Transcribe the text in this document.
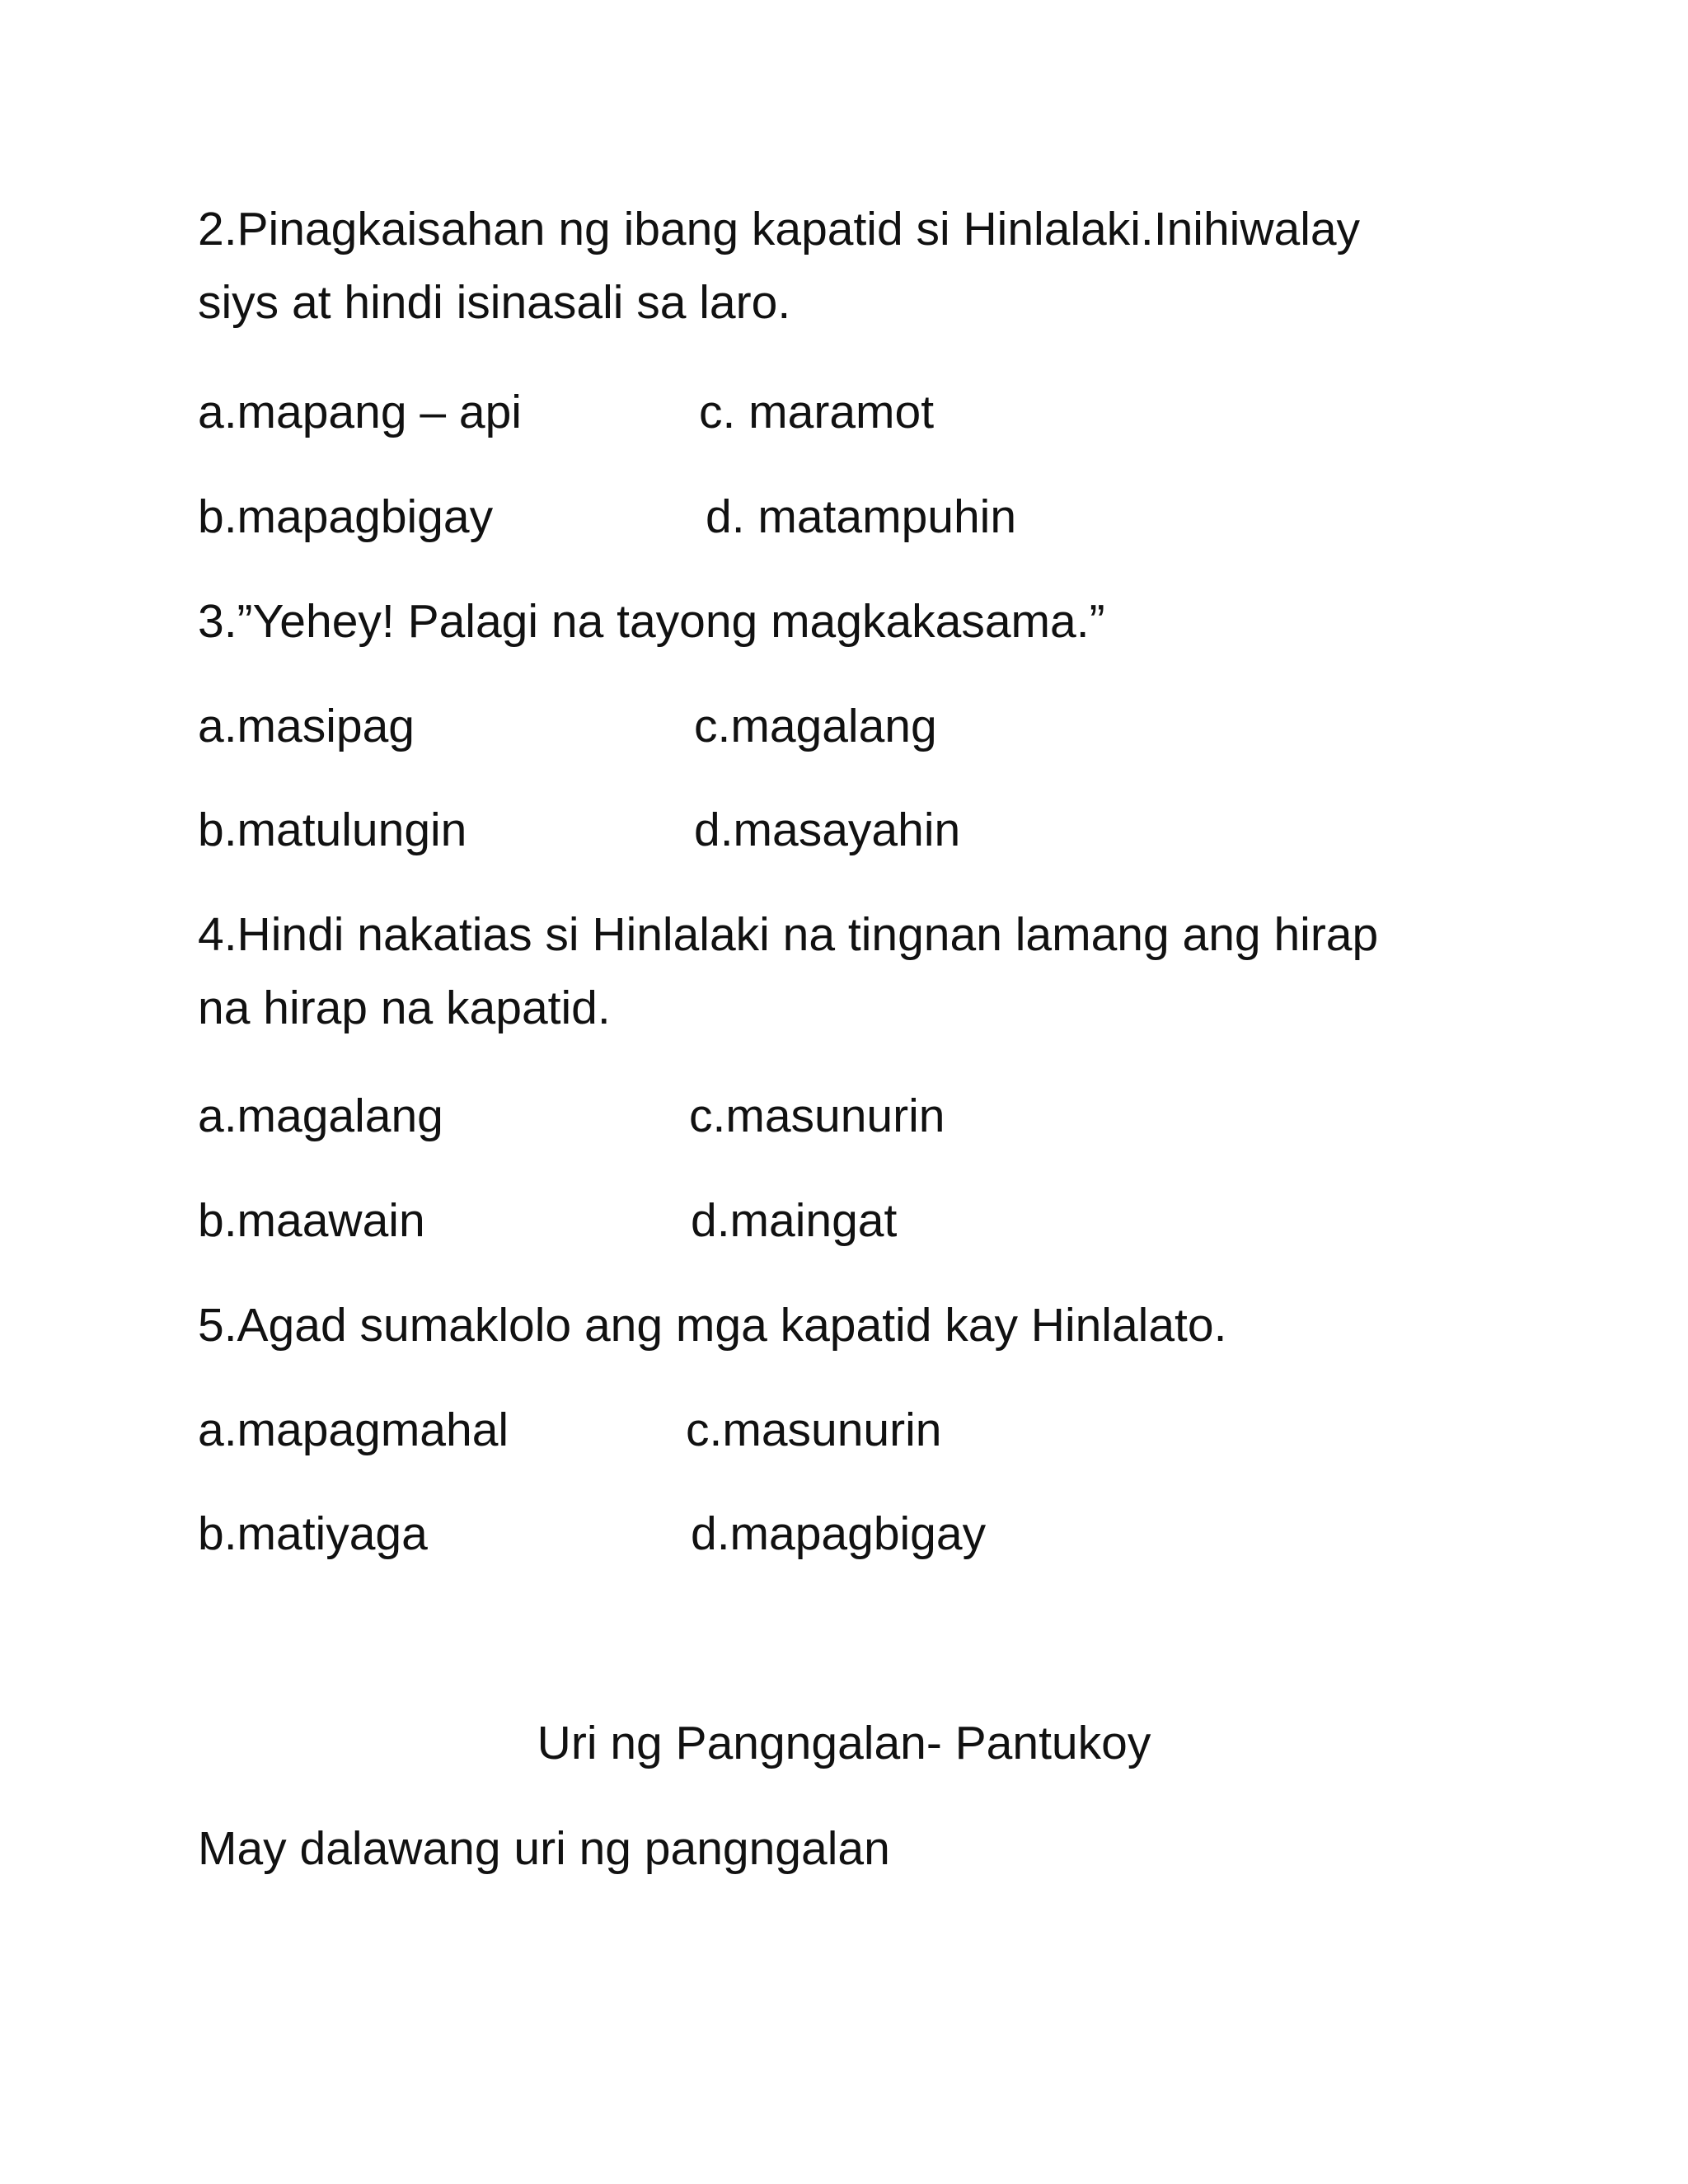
2.Pinagkaisahan ng ibang kapatid si Hinlalaki.Inihiwalay
siys at hindi isinasali sa laro.
a.mapang – api	c. maramot
b.mapagbigay	d. matampuhin
3.”Yehey! Palagi na tayong magkakasama.”
a.masipag	c.magalang
b.matulungin	d.masayahin
4.Hindi nakatias si Hinlalaki na tingnan lamang ang hirap
na hirap na kapatid.
a.magalang	c.masunurin
b.maawain	d.maingat
5.Agad sumaklolo ang mga kapatid kay Hinlalato.
a.mapagmahal	c.masunurin
b.matiyaga	d.mapagbigay
Uri ng Pangngalan- Pantukoy
May dalawang uri ng pangngalan
